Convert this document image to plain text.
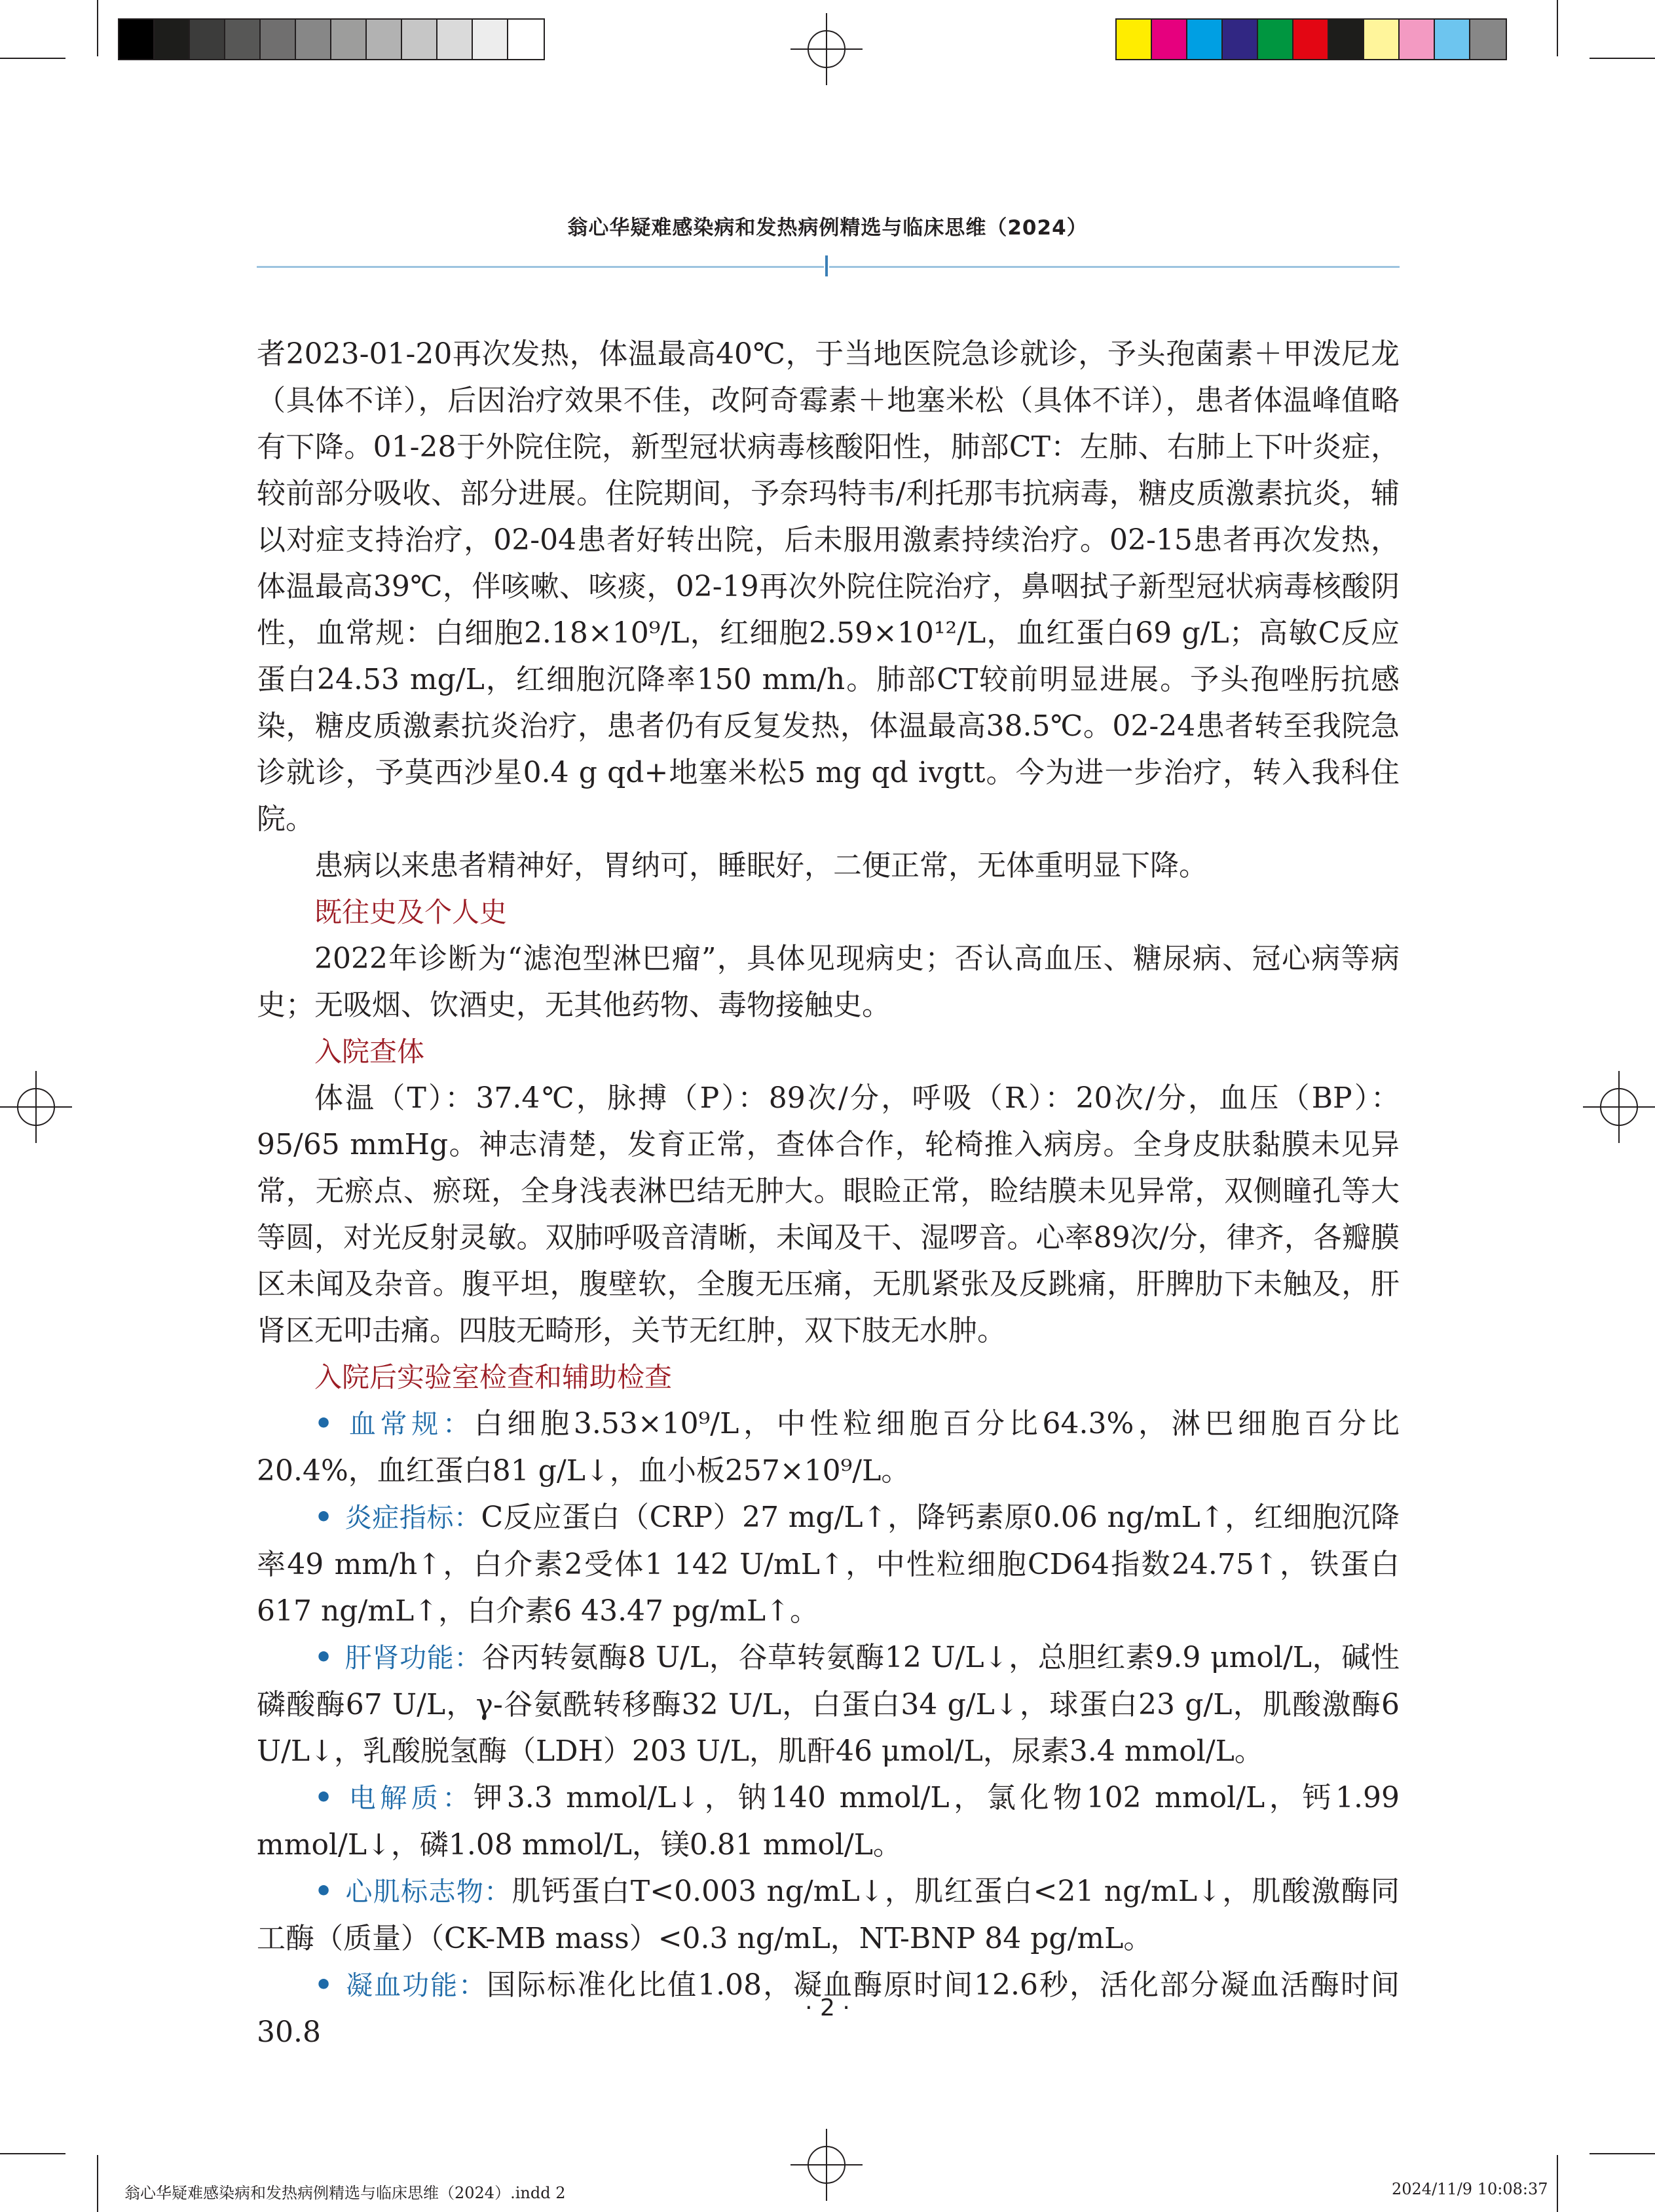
翁心华疑难感染病和发热病例精选与临床思维（2024）

者2023-01-20再次发热，体温最高40℃，于当地医院急诊就诊，予头孢菌素＋甲泼尼龙（具体不详），后因治疗效果不佳，改阿奇霉素＋地塞米松（具体不详），患者体温峰值略有下降。01-28于外院住院，新型冠状病毒核酸阳性，肺部CT：左肺、右肺上下叶炎症，较前部分吸收、部分进展。住院期间，予奈玛特韦/利托那韦抗病毒，糖皮质激素抗炎，辅以对症支持治疗，02-04患者好转出院，后未服用激素持续治疗。02-15患者再次发热，体温最高39℃，伴咳嗽、咳痰，02-19再次外院住院治疗，鼻咽拭子新型冠状病毒核酸阴性，血常规：白细胞2.18×10⁹/L，红细胞2.59×10¹²/L，血红蛋白69 g/L；高敏C反应蛋白24.53 mg/L，红细胞沉降率150 mm/h。肺部CT较前明显进展。予头孢唑肟抗感染，糖皮质激素抗炎治疗，患者仍有反复发热，体温最高38.5℃。02-24患者转至我院急诊就诊，予莫西沙星0.4 g qd+地塞米松5 mg qd ivgtt。今为进一步治疗，转入我科住院。

患病以来患者精神好，胃纳可，睡眠好，二便正常，无体重明显下降。

既往史及个人史

2022年诊断为“滤泡型淋巴瘤”，具体见现病史；否认高血压、糖尿病、冠心病等病史；无吸烟、饮酒史，无其他药物、毒物接触史。

入院查体

体温（T）：37.4℃，脉搏（P）：89次/分，呼吸（R）：20次/分，血压（BP）：95/65 mmHg。神志清楚，发育正常，查体合作，轮椅推入病房。全身皮肤黏膜未见异常，无瘀点、瘀斑，全身浅表淋巴结无肿大。眼睑正常，睑结膜未见异常，双侧瞳孔等大等圆，对光反射灵敏。双肺呼吸音清晰，未闻及干、湿啰音。心率89次/分，律齐，各瓣膜区未闻及杂音。腹平坦，腹壁软，全腹无压痛，无肌紧张及反跳痛，肝脾肋下未触及，肝肾区无叩击痛。四肢无畸形，关节无红肿，双下肢无水肿。

入院后实验室检查和辅助检查

• 血常规：白细胞3.53×10⁹/L，中性粒细胞百分比64.3%，淋巴细胞百分比20.4%，血红蛋白81 g/L↓，血小板257×10⁹/L。

• 炎症指标：C反应蛋白（CRP）27 mg/L↑，降钙素原0.06 ng/mL↑，红细胞沉降率49 mm/h↑，白介素2受体1 142 U/mL↑，中性粒细胞CD64指数24.75↑，铁蛋白617 ng/mL↑，白介素6 43.47 pg/mL↑。

• 肝肾功能：谷丙转氨酶8 U/L，谷草转氨酶12 U/L↓，总胆红素9.9 μmol/L，碱性磷酸酶67 U/L，γ-谷氨酰转移酶32 U/L，白蛋白34 g/L↓，球蛋白23 g/L，肌酸激酶6 U/L↓，乳酸脱氢酶（LDH）203 U/L，肌酐46 μmol/L，尿素3.4 mmol/L。

• 电解质：钾3.3 mmol/L↓，钠140 mmol/L，氯化物102 mmol/L，钙1.99 mmol/L↓，磷1.08 mmol/L，镁0.81 mmol/L。

• 心肌标志物：肌钙蛋白T<0.003 ng/mL↓，肌红蛋白<21 ng/mL↓，肌酸激酶同工酶（质量）（CK-MB mass）<0.3 ng/mL，NT-BNP 84 pg/mL。

• 凝血功能：国际标准化比值1.08，凝血酶原时间12.6秒，活化部分凝血活酶时间30.8

· 2 ·
翁心华疑难感染病和发热病例精选与临床思维（2024）.indd 2	2024/11/9 10:08:37
